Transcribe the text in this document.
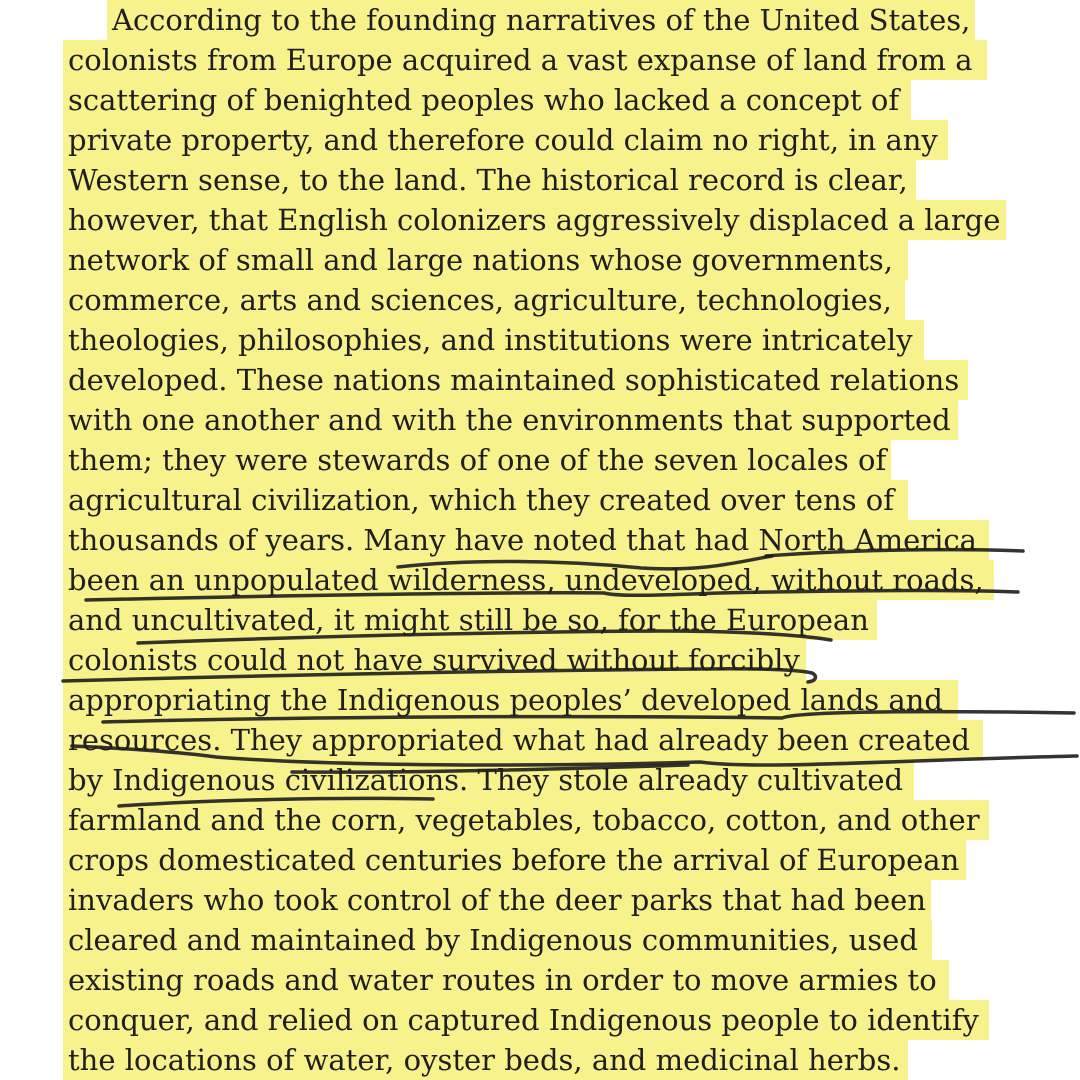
According to the founding narratives of the United States,
colonists from Europe acquired a vast expanse of land from a
scattering of benighted peoples who lacked a concept of
private property, and therefore could claim no right, in any
Western sense, to the land. The historical record is clear,
however, that English colonizers aggressively displaced a large
network of small and large nations whose governments,
commerce, arts and sciences, agriculture, technologies,
theologies, philosophies, and institutions were intricately
developed. These nations maintained sophisticated relations
with one another and with the environments that supported
them; they were stewards of one of the seven locales of
agricultural civilization, which they created over tens of
thousands of years. Many have noted that had North America
been an unpopulated wilderness, undeveloped, without roads,
and uncultivated, it might still be so, for the European
colonists could not have survived without forcibly
appropriating the Indigenous peoples’ developed lands and
resources. They appropriated what had already been created
by Indigenous civilizations. They stole already cultivated
farmland and the corn, vegetables, tobacco, cotton, and other
crops domesticated centuries before the arrival of European
invaders who took control of the deer parks that had been
cleared and maintained by Indigenous communities, used
existing roads and water routes in order to move armies to
conquer, and relied on captured Indigenous people to identify
the locations of water, oyster beds, and medicinal herbs.
